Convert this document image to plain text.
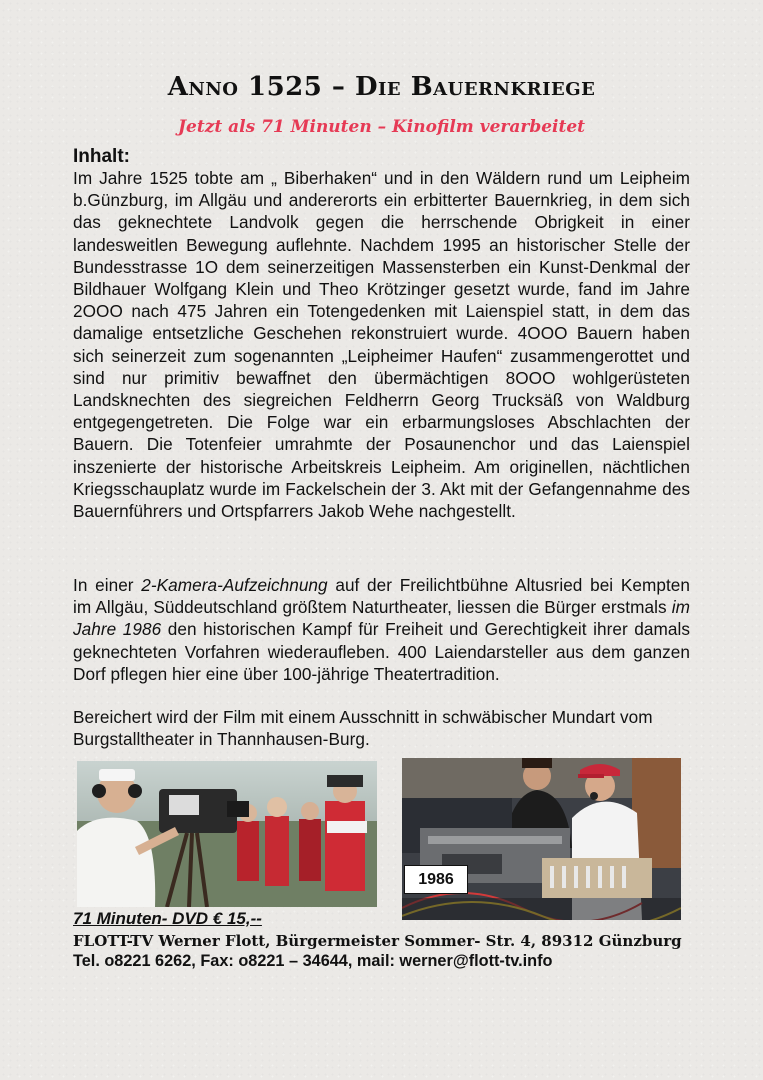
Anno 1525 – Die Bauernkriege
Jetzt als 71 Minuten – Kinofilm verarbeitet
Inhalt:
Im Jahre 1525 tobte am „ Biberhaken“ und in den Wäldern rund um Leipheim b.Günzburg, im Allgäu und andererorts ein erbitterter Bauernkrieg, in dem sich das geknechtete Landvolk gegen die herrschende Obrigkeit in einer landesweitlen Bewegung auflehnte. Nachdem 1995 an historischer Stelle der Bundesstrasse 1O dem seinerzeitigen Massensterben ein Kunst-Denkmal der Bildhauer Wolfgang Klein und Theo Krötzinger gesetzt wurde, fand im Jahre 2OOO nach 475 Jahren ein Totengedenken mit Laienspiel statt, in dem das damalige entsetzliche Geschehen rekonstruiert wurde. 4OOO Bauern haben sich seinerzeit zum sogenannten „Leipheimer Haufen“ zusammengerottet und sind nur primitiv bewaffnet den übermächtigen 8OOO wohlgerüsteten Landsknechten des siegreichen Feldherrn Georg Trucksäß von Waldburg entgegengetreten. Die Folge war ein erbarmungsloses Abschlachten der Bauern. Die Totenfeier umrahmte der Posaunenchor und das Laienspiel inszenierte der historische Arbeitskreis Leipheim. Am originellen, nächtlichen Kriegsschauplatz wurde im Fackelschein der 3. Akt mit der Gefangennahme des Bauernführers und Ortspfarrers Jakob Wehe nachgestellt.
In einer 2-Kamera-Aufzeichnung auf der Freilichtbühne Altusried bei Kempten im Allgäu, Süddeutschland größtem Naturtheater, liessen die Bürger erstmals im Jahre 1986 den historischen Kampf für Freiheit und Gerechtigkeit ihrer damals geknechteten Vorfahren wiederaufleben. 400 Laiendarsteller aus dem ganzen Dorf pflegen hier eine über 100-jährige Theatertradition.
Bereichert wird der Film mit einem Ausschnitt in schwäbischer Mundart vom Burgstalltheater in Thannhausen-Burg.
1986
71 Minuten- DVD € 15,--
FLOTT-TV Werner Flott, Bürgermeister Sommer- Str. 4, 89312 Günzburg
Tel. o8221 6262, Fax: o8221 – 34644, mail: werner@flott-tv.info
